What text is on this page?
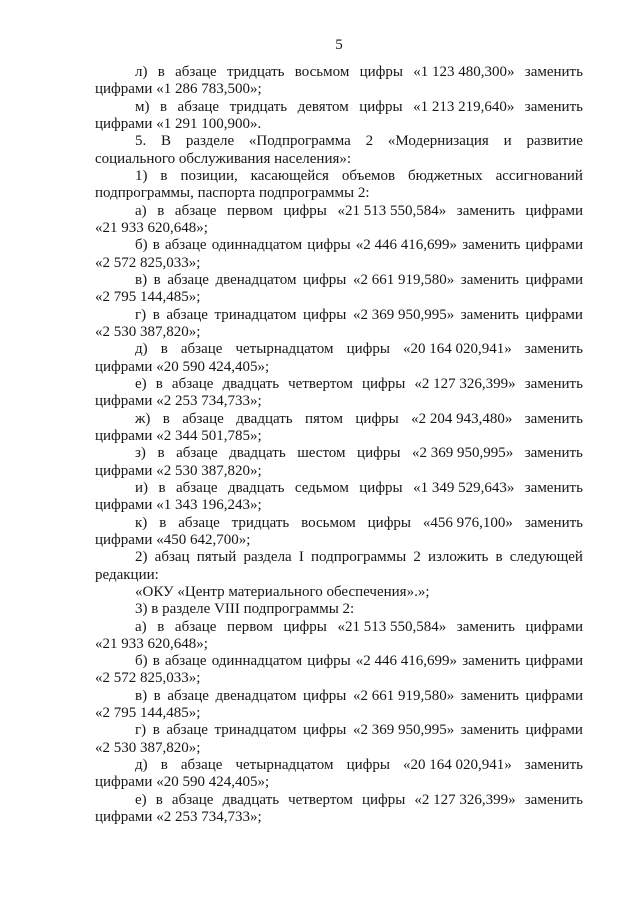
5
л) в абзаце тридцать восьмом цифры «1 123 480,300» заменить
цифрами «1 286 783,500»;
м) в абзаце тридцать девятом цифры «1 213 219,640» заменить
цифрами «1 291 100,900».
5. В разделе «Подпрограмма 2 «Модернизация и развитие
социального обслуживания населения»:
1) в позиции, касающейся объемов бюджетных ассигнований
подпрограммы, паспорта подпрограммы 2:
а) в абзаце первом цифры «21 513 550,584» заменить цифрами
«21 933 620,648»;
б) в абзаце одиннадцатом цифры «2 446 416,699» заменить цифрами
«2 572 825,033»;
в) в абзаце двенадцатом цифры «2 661 919,580» заменить цифрами
«2 795 144,485»;
г) в абзаце тринадцатом цифры «2 369 950,995» заменить цифрами
«2 530 387,820»;
д) в абзаце четырнадцатом цифры «20 164 020,941» заменить
цифрами «20 590 424,405»;
е) в абзаце двадцать четвертом цифры «2 127 326,399» заменить
цифрами «2 253 734,733»;
ж) в абзаце двадцать пятом цифры «2 204 943,480» заменить
цифрами «2 344 501,785»;
з) в абзаце двадцать шестом цифры «2 369 950,995» заменить
цифрами «2 530 387,820»;
и) в абзаце двадцать седьмом цифры «1 349 529,643» заменить
цифрами «1 343 196,243»;
к) в абзаце тридцать восьмом цифры «456 976,100» заменить
цифрами «450 642,700»;
2) абзац пятый раздела I подпрограммы 2 изложить в следующей
редакции:
«ОКУ «Центр материального обеспечения».»;
3) в разделе VIII подпрограммы 2:
а) в абзаце первом цифры «21 513 550,584» заменить цифрами
«21 933 620,648»;
б) в абзаце одиннадцатом цифры «2 446 416,699» заменить цифрами
«2 572 825,033»;
в) в абзаце двенадцатом цифры «2 661 919,580» заменить цифрами
«2 795 144,485»;
г) в абзаце тринадцатом цифры «2 369 950,995» заменить цифрами
«2 530 387,820»;
д) в абзаце четырнадцатом цифры «20 164 020,941» заменить
цифрами «20 590 424,405»;
е) в абзаце двадцать четвертом цифры «2 127 326,399» заменить
цифрами «2 253 734,733»;
